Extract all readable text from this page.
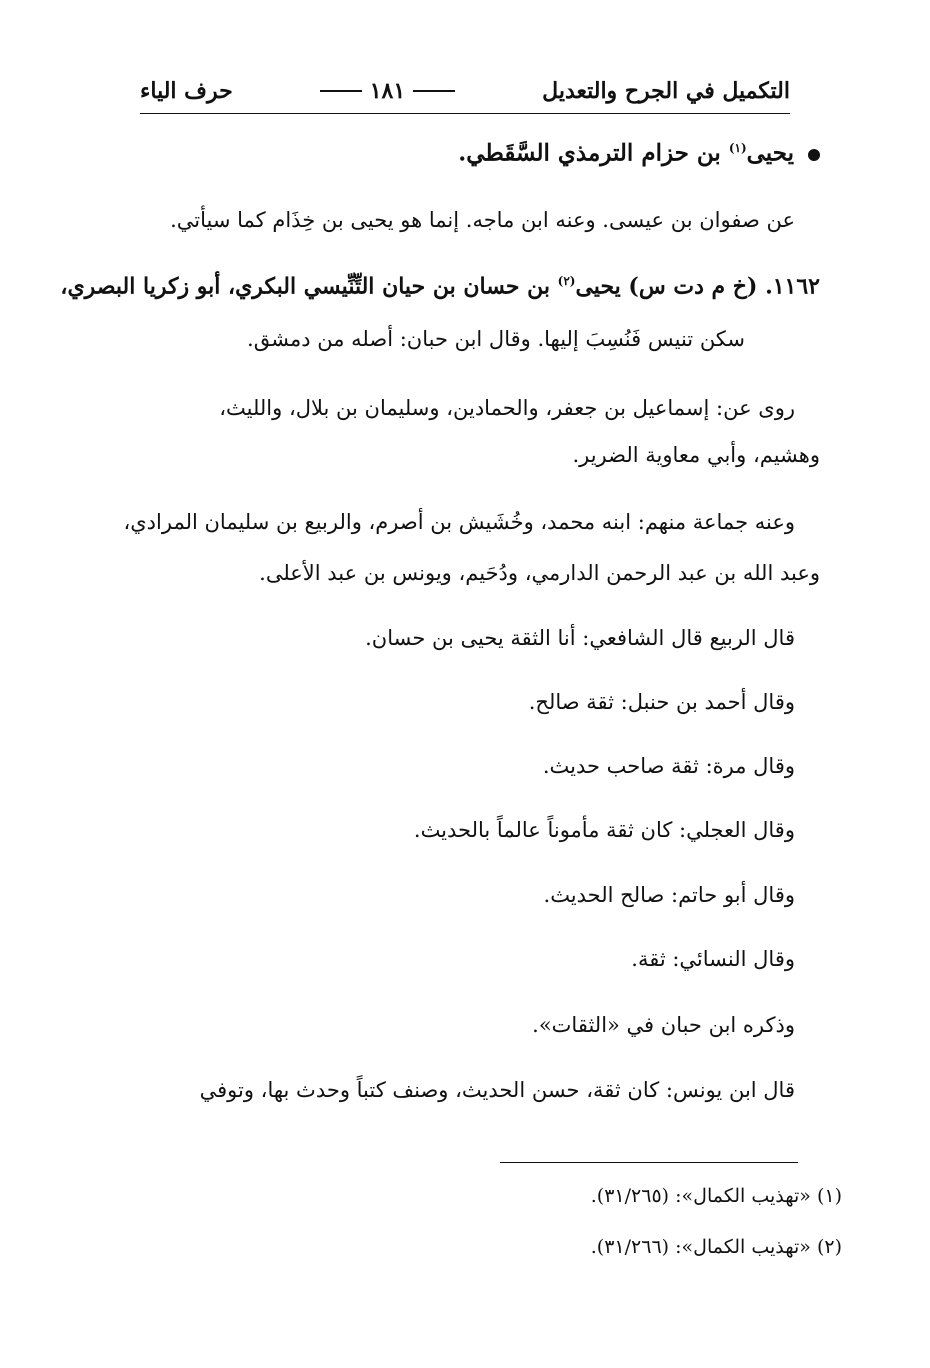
التكميل في الجرح والتعديل
١٨١
حرف الياء
يحيى$^{(١)}$ بن حزام الترمذي السَّقَطي.
عن صفوان بن عيسى. وعنه ابن ماجه. إنما هو يحيى بن خِذَام كما سيأتي.
١١٦٢. (خ م دت س) يحيى$^{(٢)}$ بن حسان بن حيان التِّنِّيسي البكري، أبو زكريا البصري،
سكن تنيس فَنُسِبَ إليها. وقال ابن حبان: أصله من دمشق.
روى عن: إسماعيل بن جعفر، والحمادين، وسليمان بن بلال، والليث،
وهشيم، وأبي معاوية الضرير.
وعنه جماعة منهم: ابنه محمد، وخُشَيش بن أصرم، والربيع بن سليمان المرادي،
وعبد الله بن عبد الرحمن الدارمي، ودُحَيم، ويونس بن عبد الأعلى.
قال الربيع قال الشافعي: أنا الثقة يحيى بن حسان.
وقال أحمد بن حنبل: ثقة صالح.
وقال مرة: ثقة صاحب حديث.
وقال العجلي: كان ثقة مأموناً عالماً بالحديث.
وقال أبو حاتم: صالح الحديث.
وقال النسائي: ثقة.
وذكره ابن حبان في «الثقات».
قال ابن يونس: كان ثقة، حسن الحديث، وصنف كتباً وحدث بها، وتوفي
(١) «تهذيب الكمال»: (٣١/٢٦٥).
(٢) «تهذيب الكمال»: (٣١/٢٦٦).
